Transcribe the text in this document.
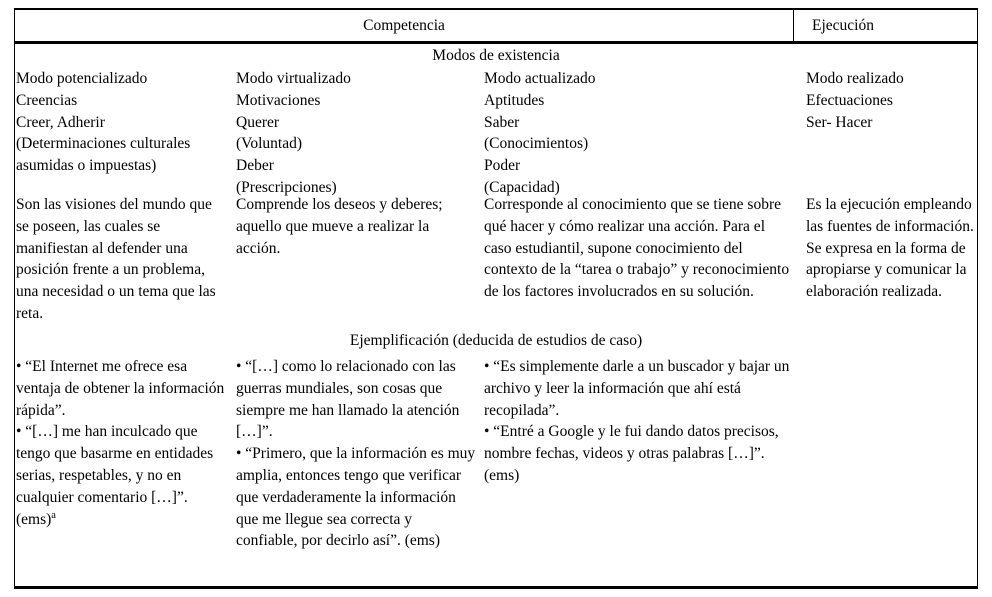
Competencia	Ejecución
Modos de existencia
Modo potencializado
Creencias
Creer, Adherir
(Determinaciones culturales
asumidas o impuestas)
Modo virtualizado
Motivaciones
Querer
(Voluntad)
Deber
(Prescripciones)
Modo actualizado
Aptitudes
Saber
(Conocimientos)
Poder
(Capacidad)
Modo realizado
Efectuaciones
Ser- Hacer

Son las visiones del mundo que se poseen, las cuales se manifiestan al defender una posición frente a un problema, una necesidad o un tema que las reta.

Comprende los deseos y deberes; aquello que mueve a realizar la acción.

Corresponde al conocimiento que se tiene sobre qué hacer y cómo realizar una acción. Para el caso estudiantil, supone conocimiento del contexto de la “tarea o trabajo” y reconocimiento de los factores involucrados en su solución.

Es la ejecución empleando las fuentes de información. Se expresa en la forma de apropiarse y comunicar la elaboración realizada.

Ejemplificación (deducida de estudios de caso)

• “El Internet me ofrece esa ventaja de obtener la información rápida”.

• “[…] me han inculcado que tengo que basarme en entidades serias, respetables, y no en cualquier comentario […]”. (ems)$^a$

• “[…] como lo relacionado con las guerras mundiales, son cosas que siempre me han llamado la atención […]”.

• “Primero, que la información es muy amplia, entonces tengo que verificar que verdaderamente la información que me llegue sea correcta y confiable, por decirlo así”. (ems)

• “Es simplemente darle a un buscador y bajar un archivo y leer la información que ahí está recopilada”.

• “Entré a Google y le fui dando datos precisos, nombre fechas, videos y otras palabras […]”. (ems)
